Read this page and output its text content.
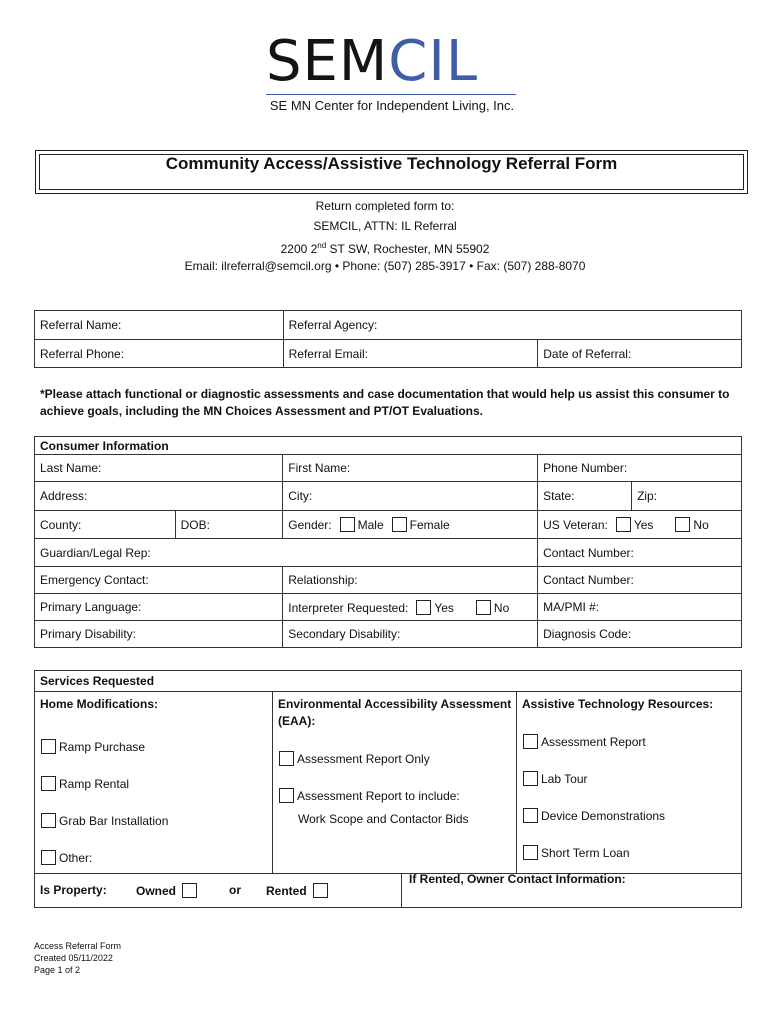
SEMCIL
SE MN Center for Independent Living, Inc.
Community Access/Assistive Technology Referral Form
Return completed form to:
SEMCIL, ATTN: IL Referral
2200 2nd ST SW, Rochester, MN 55902
Email: ilreferral@semcil.org • Phone: (507) 285-3917 • Fax: (507) 288-8070
Referral Name:	Referral Agency:	
Referral Phone:	Referral Email:	Date of Referral:
*Please attach functional or diagnostic assessments and case documentation that would help us assist this consumer to achieve goals, including the MN Choices Assessment and PT/OT Evaluations.
Consumer Information				
Last Name:		First Name:	Phone Number:	
Address:		City:	State:	Zip:
County:	DOB:	Gender: Male Female	US Veteran: Yes No	
Guardian/Legal Rep:			Contact Number:	
Emergency Contact:		Relationship:	Contact Number:	
Primary Language:		Interpreter Requested: Yes No	MA/PMI #:	
Primary Disability:		Secondary Disability:	Diagnosis Code:	
Services Requested
Home Modifications:
Ramp Purchase
Ramp Rental
Grab Bar Installation
Other:
Environmental Accessibility Assessment
(EAA):
Assessment Report Only
Assessment Report to include:
Work Scope and Contactor Bids
Assistive Technology Resources:
Assessment Report
Lab Tour
Device Demonstrations
Short Term Loan
Is Property: Owned	or Rented
If Rented, Owner Contact Information:
Access Referral Form
Created 05/11/2022
Page 1 of 2
